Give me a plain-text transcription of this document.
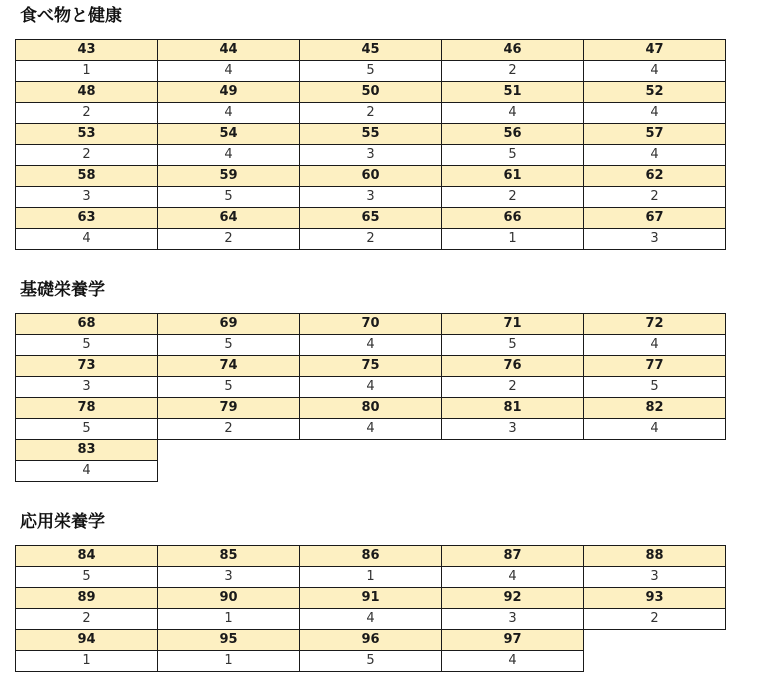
食べ物と健康
43	44	45	46	47
1	4	5	2	4
48	49	50	51	52
2	4	2	4	4
53	54	55	56	57
2	4	3	5	4
58	59	60	61	62
3	5	3	2	2
63	64	65	66	67
4	2	2	1	3
基礎栄養学
68	69	70	71	72
5	5	4	5	4
73	74	75	76	77
3	5	4	2	5
78	79	80	81	82
5	2	4	3	4
83				
4				
応用栄養学
84	85	86	87	88
5	3	1	4	3
89	90	91	92	93
2	1	4	3	2
94	95	96	97	
1	1	5	4	
